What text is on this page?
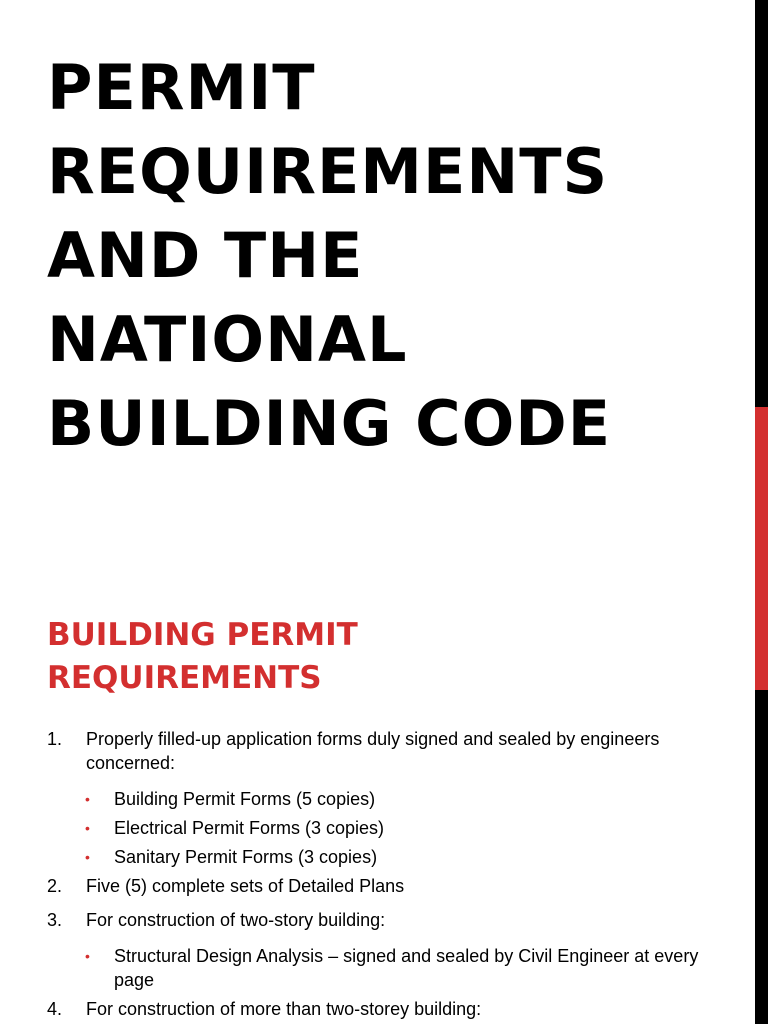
PERMIT
REQUIREMENTS
AND THE
NATIONAL
BUILDING CODE
BUILDING PERMIT
REQUIREMENTS
1. Properly filled-up application forms duly signed and sealed by engineers concerned:
• Building Permit Forms (5 copies)
• Electrical Permit Forms (3 copies)
• Sanitary Permit Forms (3 copies)
2. Five (5) complete sets of Detailed Plans
3. For construction of two-story building:
• Structural Design Analysis – signed and sealed by Civil Engineer at every page
4. For construction of more than two-storey building:
